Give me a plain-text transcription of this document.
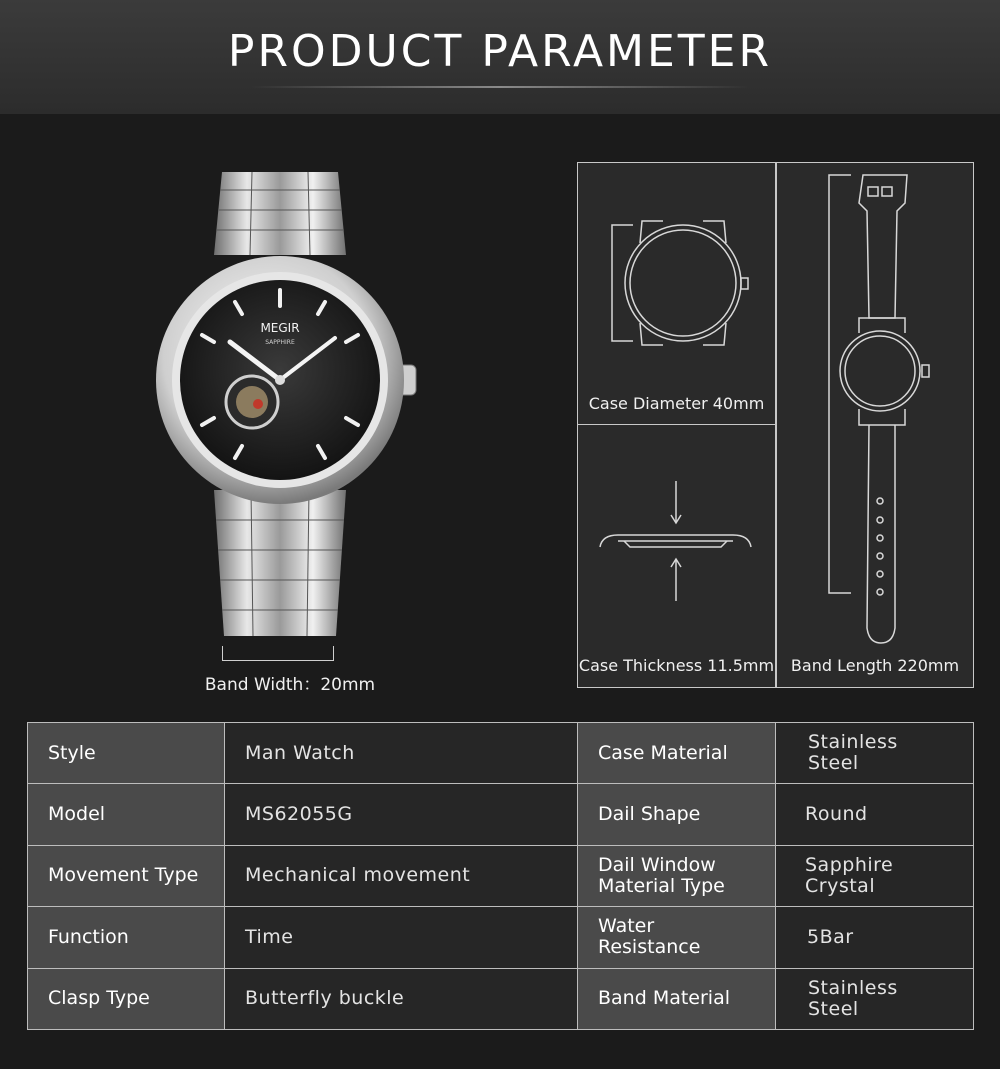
PRODUCT PARAMETER
MEGIR
SAPPHIRE
Band Width：20mm
Case Diameter 40mm
Case Thickness 11.5mm	Band Length 220mm
Style	Man Watch	Case Material	Stainless Steel
Model	MS62055G	Dail Shape	Round
Movement Type	Mechanical movement	Dail Window Material Type	Sapphire Crystal
Function	Time	Water Resistance	5Bar
Clasp Type	Butterfly buckle	Band Material	Stainless Steel
